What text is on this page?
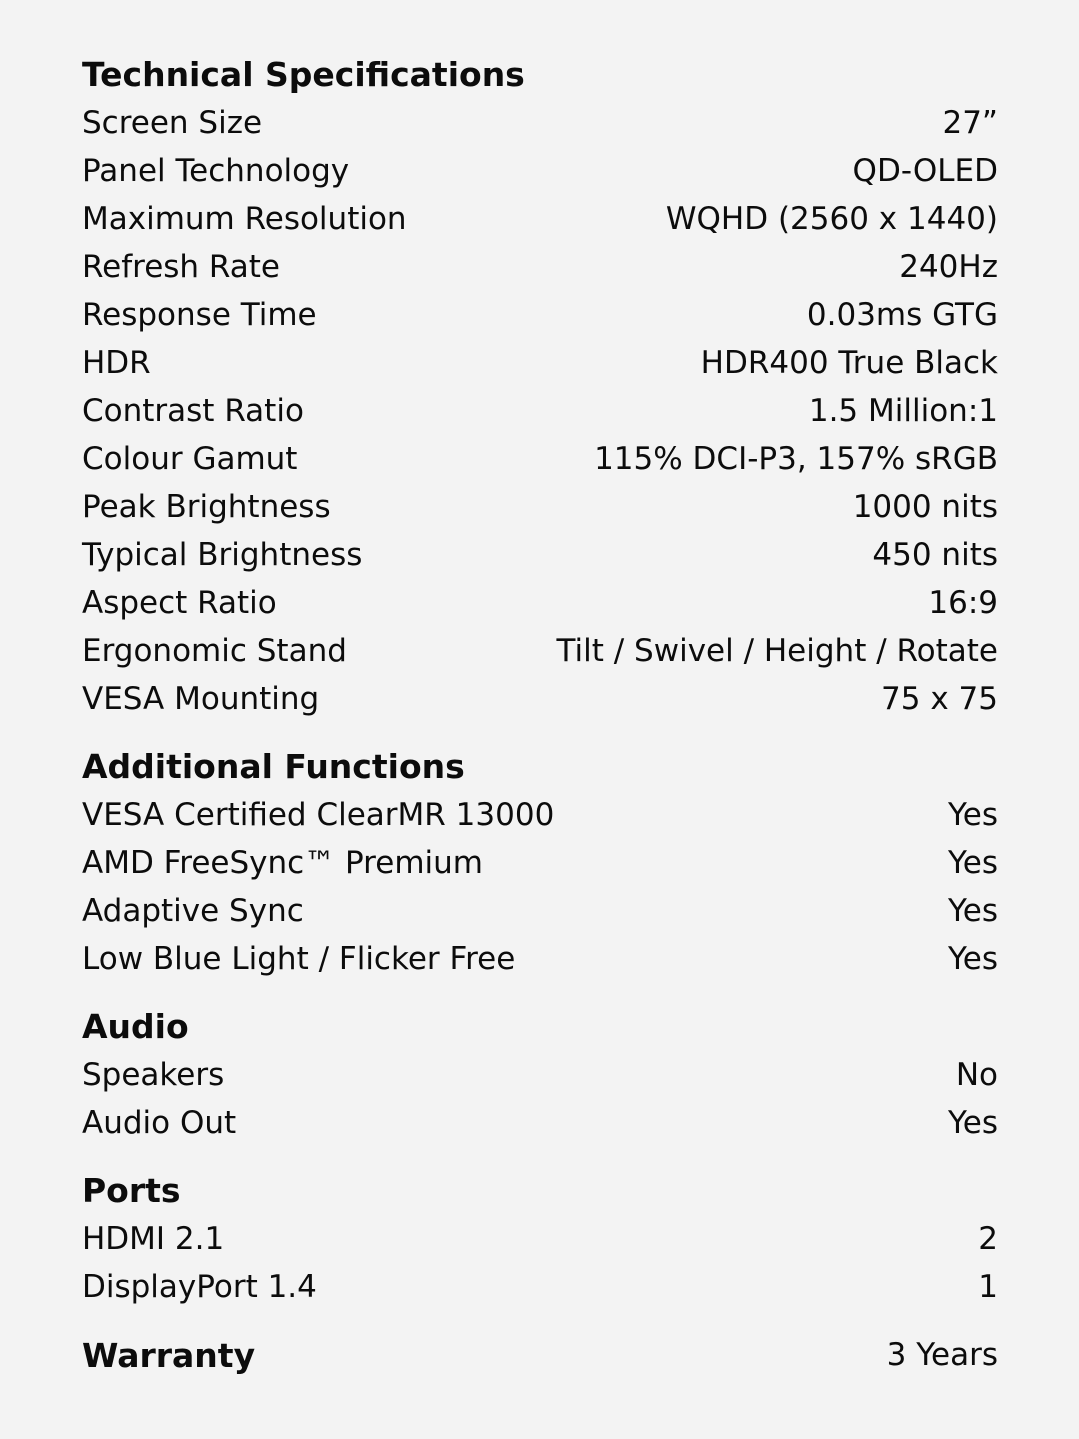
Technical Specifications
Screen Size	27”
Panel Technology	QD-OLED
Maximum Resolution	WQHD (2560 x 1440)
Refresh Rate	240Hz
Response Time	0.03ms GTG
HDR	HDR400 True Black
Contrast Ratio	1.5 Million:1
Colour Gamut	115% DCI-P3, 157% sRGB
Peak Brightness	1000 nits
Typical Brightness	450 nits
Aspect Ratio	16:9
Ergonomic Stand	Tilt / Swivel / Height / Rotate
VESA Mounting	75 x 75
Additional Functions
VESA Certified ClearMR 13000	Yes
AMD FreeSync™ Premium	Yes
Adaptive Sync	Yes
Low Blue Light / Flicker Free	Yes
Audio
Speakers	No
Audio Out	Yes
Ports
HDMI 2.1	2
DisplayPort 1.4	1
Warranty	3 Years
